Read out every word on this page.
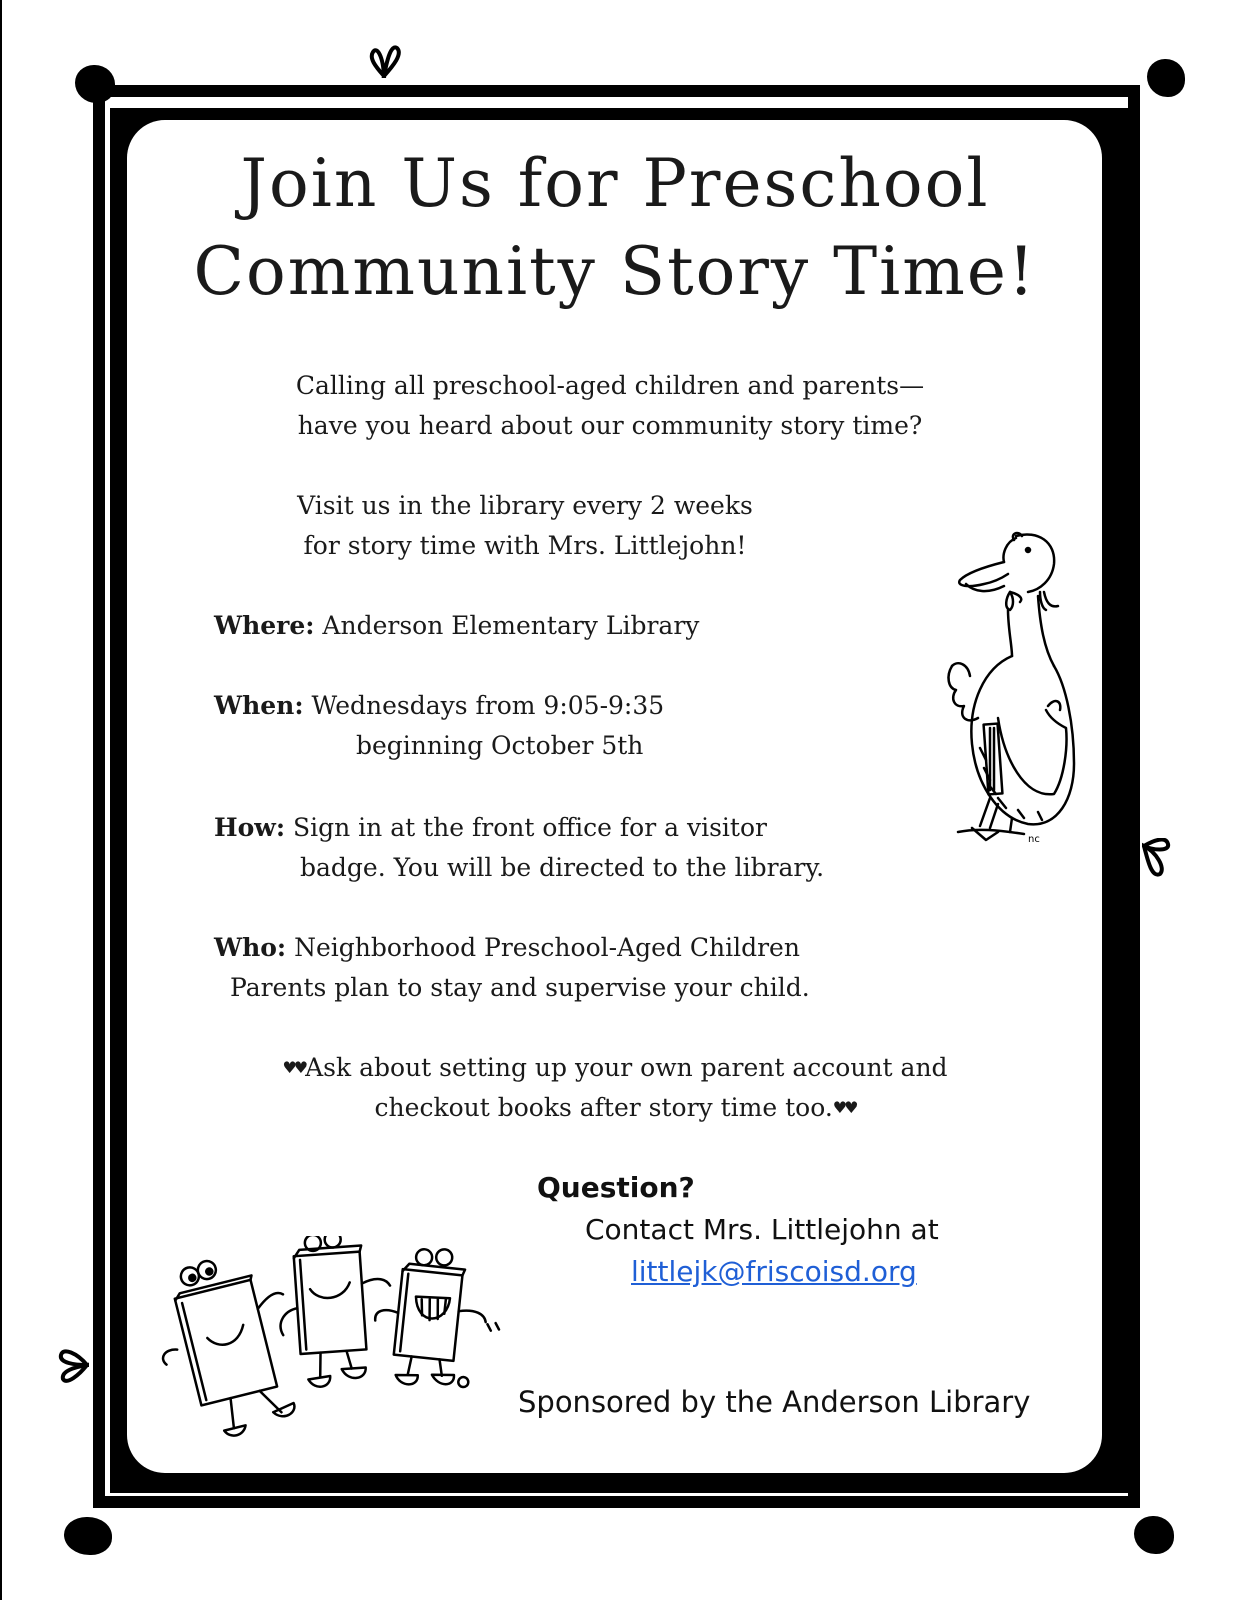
Join Us for Preschool
Community Story Time!
Calling all preschool-aged children and parents—
have you heard about our community story time?
Visit us in the library every 2 weeks
for story time with Mrs. Littlejohn!
Where: Anderson Elementary Library
When: Wednesdays from 9:05-9:35
beginning October 5th
How: Sign in at the front office for a visitor
badge. You will be directed to the library.
Who: Neighborhood Preschool-Aged Children
Parents plan to stay and supervise your child.
♥♥Ask about setting up your own parent account and
checkout books after story time too.♥♥
Question?
Contact Mrs. Littlejohn at
littlejk@friscoisd.org
Sponsored by the Anderson Library
nc
